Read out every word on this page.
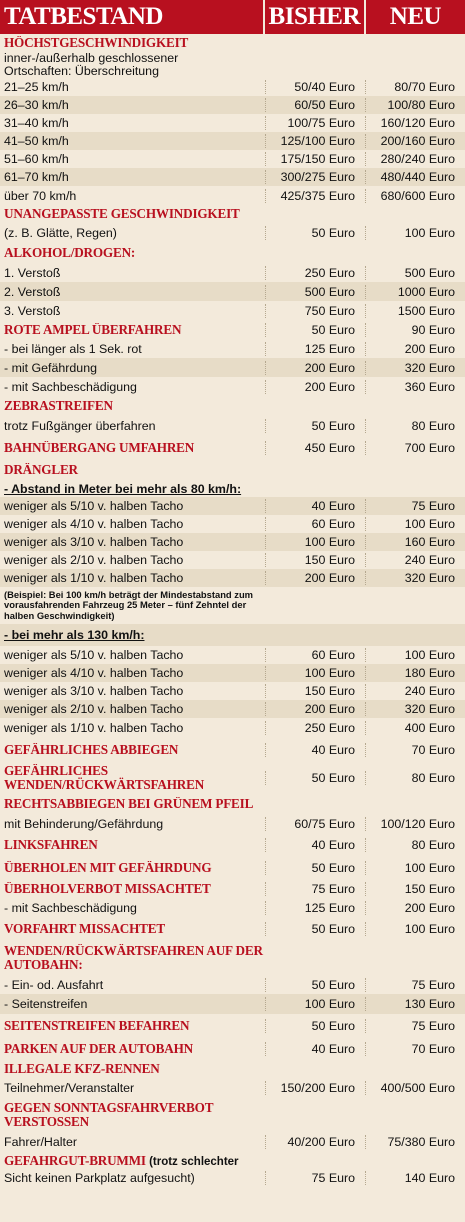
TATBESTAND	BISHER	NEU
HÖCHSTGESCHWINDIGKEIT
inner-/außerhalb geschlossener
Ortschaften: Überschreitung
21–25 km/h	50/40 Euro	80/70 Euro
26–30 km/h	60/50 Euro	100/80 Euro
31–40 km/h	100/75 Euro	160/120 Euro
41–50 km/h	125/100 Euro	200/160 Euro
51–60 km/h	175/150 Euro	280/240 Euro
61–70 km/h	300/275 Euro	480/440 Euro
über 70 km/h	425/375 Euro	680/600 Euro
UNANGEPASSTE GESCHWINDIGKEIT
(z. B. Glätte, Regen)	50 Euro	100 Euro
ALKOHOL/DROGEN:
1. Verstoß	250 Euro	500 Euro
2. Verstoß	500 Euro	1000 Euro
3. Verstoß	750 Euro	1500 Euro
ROTE AMPEL ÜBERFAHREN	50 Euro	90 Euro
- bei länger als 1 Sek. rot	125 Euro	200 Euro
- mit Gefährdung	200 Euro	320 Euro
- mit Sachbeschädigung	200 Euro	360 Euro
ZEBRASTREIFEN
trotz Fußgänger überfahren	50 Euro	80 Euro
BAHNÜBERGANG UMFAHREN	450 Euro	700 Euro
DRÄNGLER
- Abstand in Meter bei mehr als 80 km/h:
weniger als 5/10 v. halben Tacho	40 Euro	75 Euro
weniger als 4/10 v. halben Tacho	60 Euro	100 Euro
weniger als 3/10 v. halben Tacho	100 Euro	160 Euro
weniger als 2/10 v. halben Tacho	150 Euro	240 Euro
weniger als 1/10 v. halben Tacho	200 Euro	320 Euro
(Beispiel: Bei 100 km/h beträgt der Mindestabstand zum vorausfahrenden Fahrzeug 25 Meter – fünf Zehntel der halben Geschwindigkeit)
- bei mehr als 130 km/h:
weniger als 5/10 v. halben Tacho	60 Euro	100 Euro
weniger als 4/10 v. halben Tacho	100 Euro	180 Euro
weniger als 3/10 v. halben Tacho	150 Euro	240 Euro
weniger als 2/10 v. halben Tacho	200 Euro	320 Euro
weniger als 1/10 v. halben Tacho	250 Euro	400 Euro
GEFÄHRLICHES ABBIEGEN	40 Euro	70 Euro
GEFÄHRLICHES WENDEN/RÜCKWÄRTSFAHREN	50 Euro	80 Euro
RECHTSABBIEGEN BEI GRÜNEM PFEIL
mit Behinderung/Gefährdung	60/75 Euro	100/120 Euro
LINKSFAHREN	40 Euro	80 Euro
ÜBERHOLEN MIT GEFÄHRDUNG	50 Euro	100 Euro
ÜBERHOLVERBOT MISSACHTET	75 Euro	150 Euro
- mit Sachbeschädigung	125 Euro	200 Euro
VORFAHRT MISSACHTET	50 Euro	100 Euro
WENDEN/RÜCKWÄRTSFAHREN AUF DER AUTOBAHN:
- Ein- od. Ausfahrt	50 Euro	75 Euro
- Seitenstreifen	100 Euro	130 Euro
SEITENSTREIFEN BEFAHREN	50 Euro	75 Euro
PARKEN AUF DER AUTOBAHN	40 Euro	70 Euro
ILLEGALE KFZ-RENNEN
Teilnehmer/Veranstalter	150/200 Euro	400/500 Euro
GEGEN SONNTAGSFAHRVERBOT VERSTOSSEN
Fahrer/Halter	40/200 Euro	75/380 Euro
GEFAHRGUT-BRUMMI (trotz schlechter
Sicht keinen Parkplatz aufgesucht)	75 Euro	140 Euro
